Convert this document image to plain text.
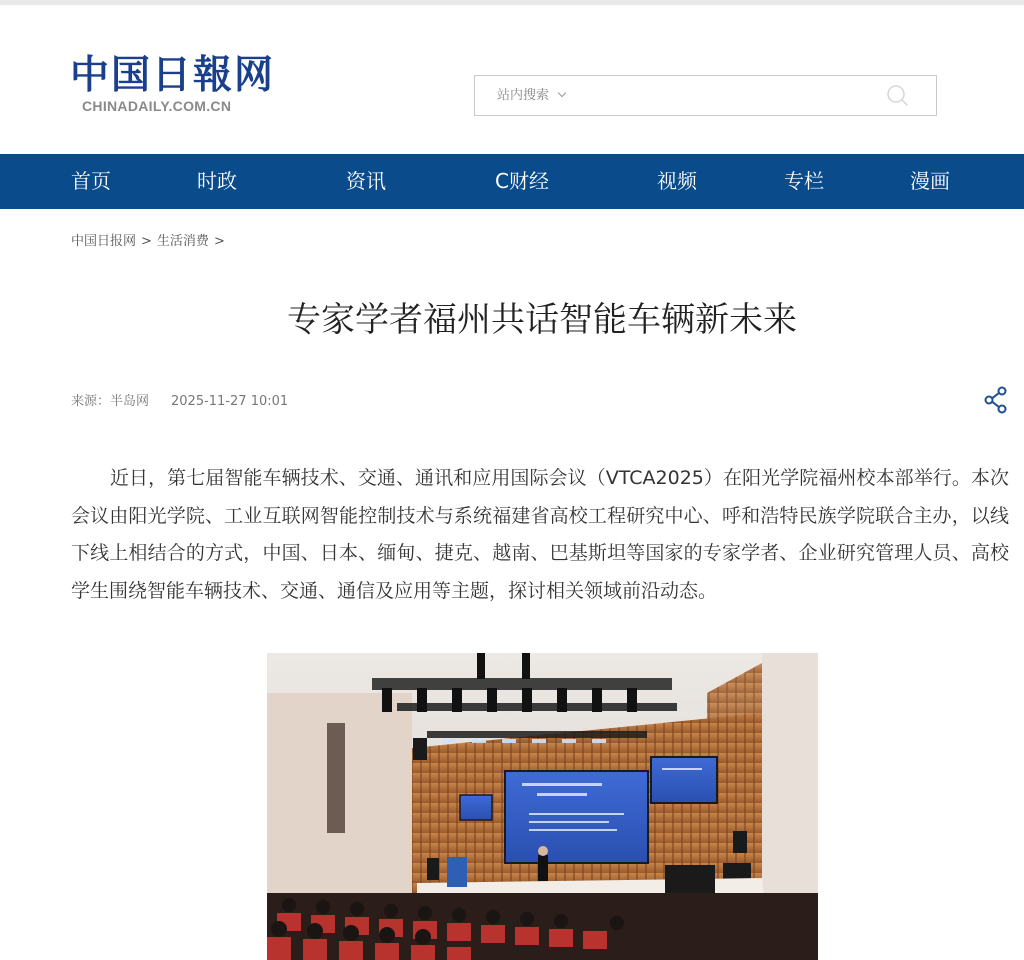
中国日報网
CHINADAILY.COM.CN
站内搜索
首页	时政	资讯	C财经	视频	专栏	漫画
中国日报网 > 生活消费 >
专家学者福州共话智能车辆新未来
来源：半岛网 2025-11-27 10:01

近日，第七届智能车辆技术、交通、通讯和应用国际会议（VTCA2025）在阳光学院福州校本部举行。本次会议由阳光学院、工业互联网智能控制技术与系统福建省高校工程研究中心、呼和浩特民族学院联合主办，以线下线上相结合的方式，中国、日本、缅甸、捷克、越南、巴基斯坦等国家的专家学者、企业研究管理人员、高校学生围绕智能车辆技术、交通、通信及应用等主题，探讨相关领域前沿动态。
